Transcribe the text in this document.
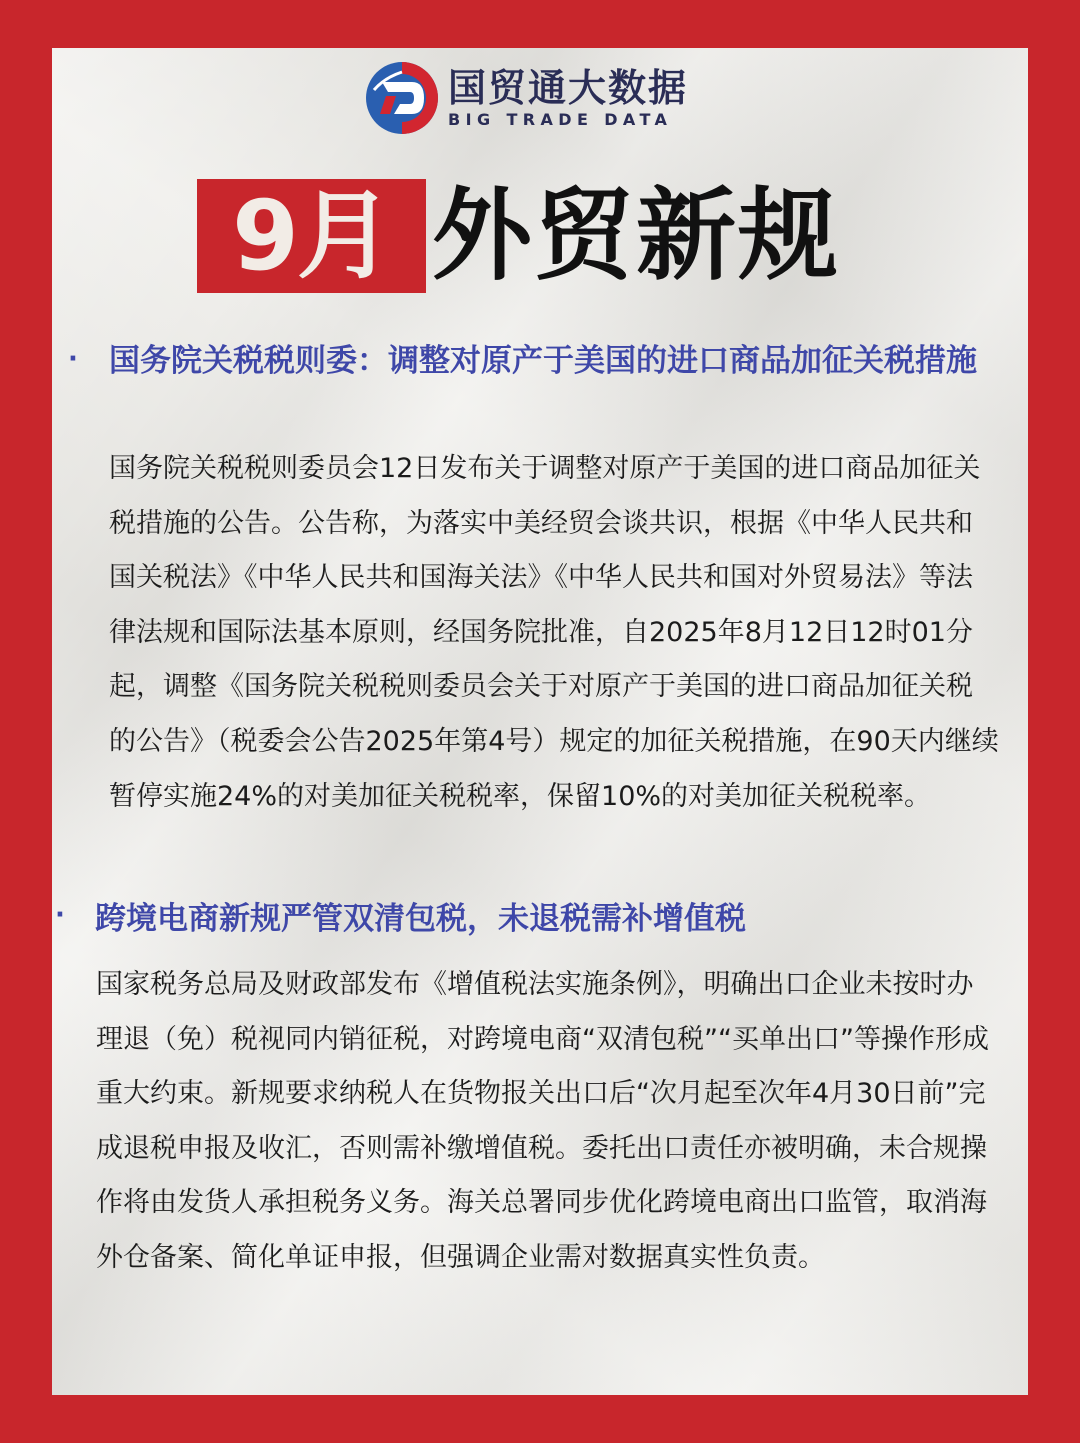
国贸通大数据
BIG TRADE DATA
9月 外贸新规
· 国务院关税税则委：调整对原产于美国的进口商品加征关税措施
国务院关税税则委员会12日发布关于调整对原产于美国的进口商品加征关税措施的公告。公告称，为落实中美经贸会谈共识，根据《中华人民共和国关税法》《中华人民共和国海关法》《中华人民共和国对外贸易法》等法律法规和国际法基本原则，经国务院批准，自2025年8月12日12时01分起，调整《国务院关税税则委员会关于对原产于美国的进口商品加征关税的公告》（税委会公告2025年第4号）规定的加征关税措施，在90天内继续暂停实施24%的对美加征关税税率，保留10%的对美加征关税税率。
· 跨境电商新规严管双清包税，未退税需补增值税
国家税务总局及财政部发布《增值税法实施条例》，明确出口企业未按时办理退（免）税视同内销征税，对跨境电商“双清包税”“买单出口”等操作形成重大约束。新规要求纳税人在货物报关出口后“次月起至次年4月30日前”完成退税申报及收汇，否则需补缴增值税。委托出口责任亦被明确，未合规操作将由发货人承担税务义务。海关总署同步优化跨境电商出口监管，取消海外仓备案、简化单证申报，但强调企业需对数据真实性负责。
